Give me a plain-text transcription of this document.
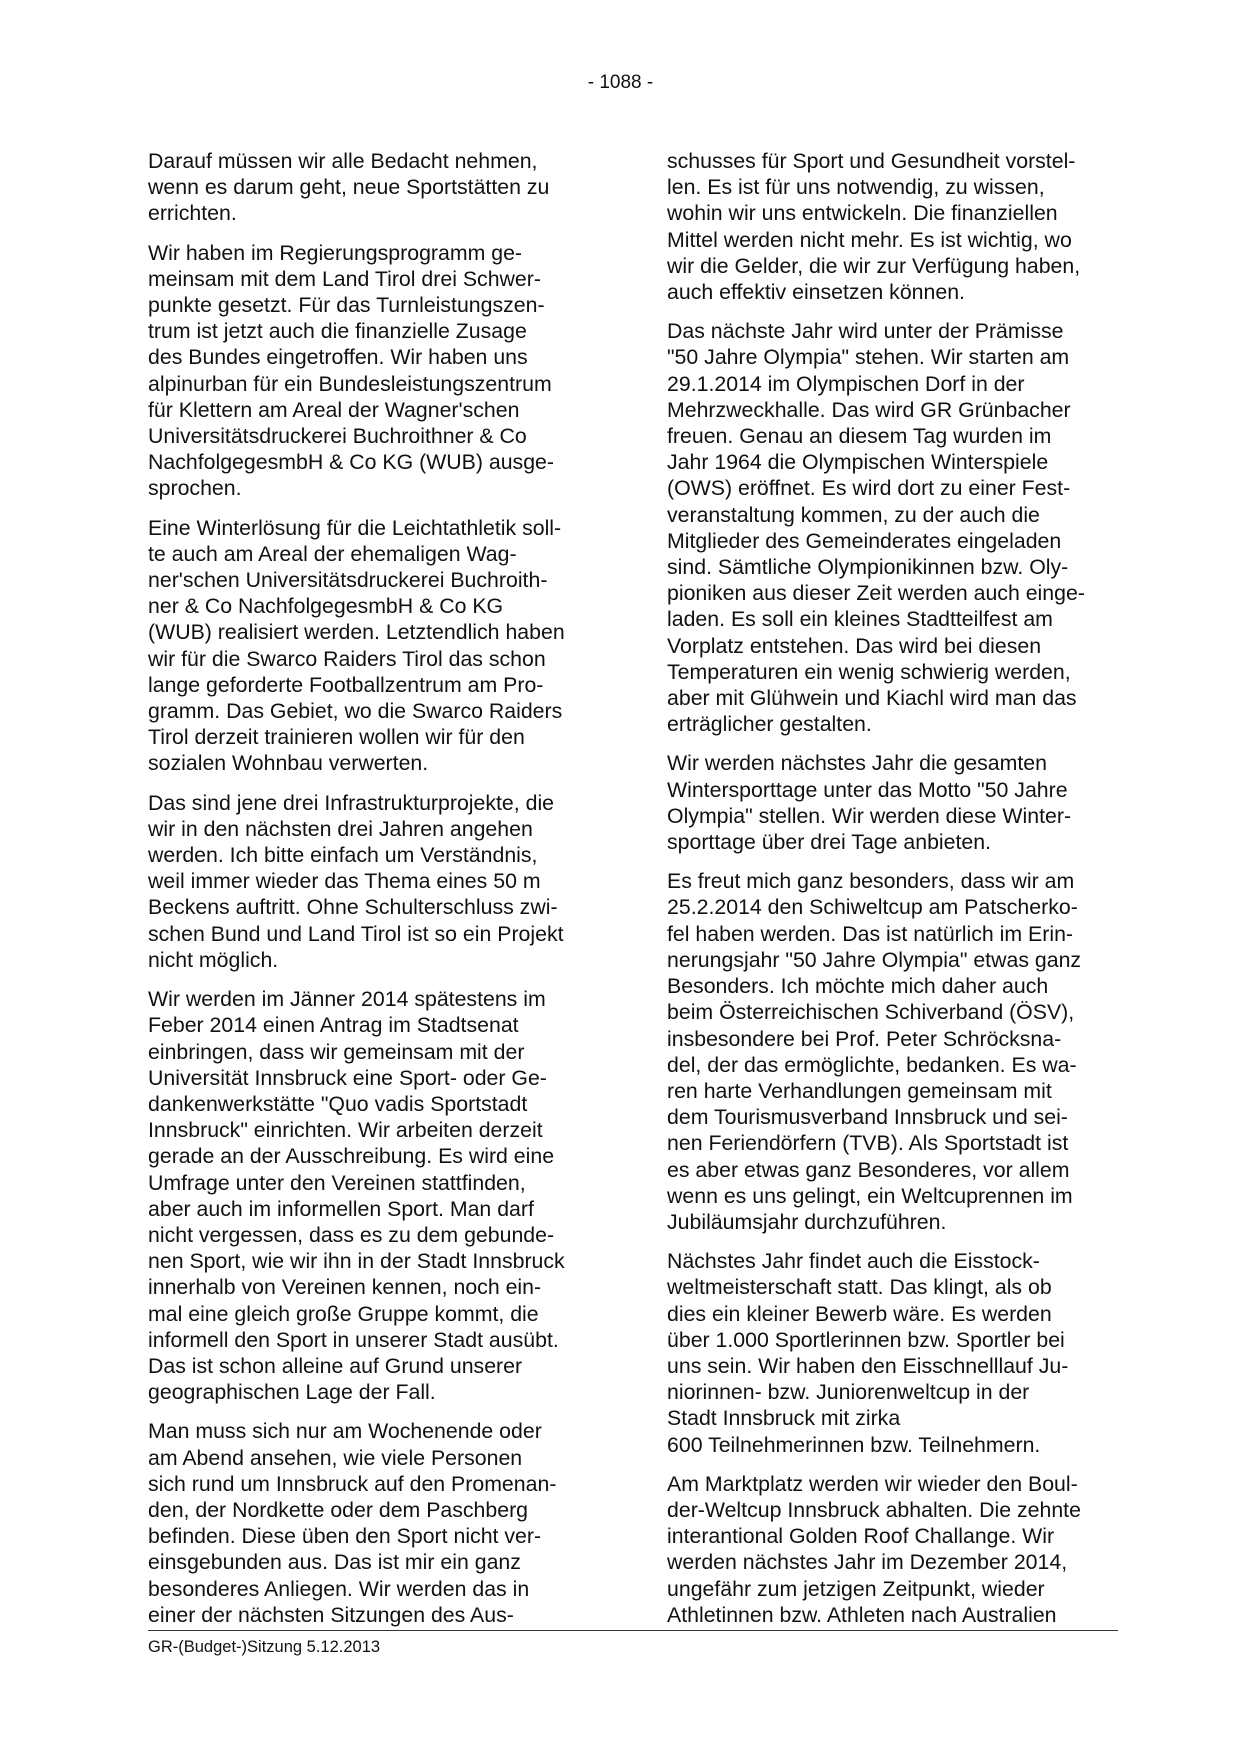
- 1088 -

Darauf müssen wir alle Bedacht nehmen,
wenn es darum geht, neue Sportstätten zu
errichten.

Wir haben im Regierungsprogramm ge-
meinsam mit dem Land Tirol drei Schwer-
punkte gesetzt. Für das Turnleistungszen-
trum ist jetzt auch die finanzielle Zusage
des Bundes eingetroffen. Wir haben uns
alpinurban für ein Bundesleistungszentrum
für Klettern am Areal der Wagner'schen
Universitätsdruckerei Buchroithner & Co
NachfolgegesmbH & Co KG (WUB) ausge-
sprochen.

Eine Winterlösung für die Leichtathletik soll-
te auch am Areal der ehemaligen Wag-
ner'schen Universitätsdruckerei Buchroith-
ner & Co NachfolgegesmbH & Co KG
(WUB) realisiert werden. Letztendlich haben
wir für die Swarco Raiders Tirol das schon
lange geforderte Footballzentrum am Pro-
gramm. Das Gebiet, wo die Swarco Raiders
Tirol derzeit trainieren wollen wir für den
sozialen Wohnbau verwerten.

Das sind jene drei Infrastrukturprojekte, die
wir in den nächsten drei Jahren angehen
werden. Ich bitte einfach um Verständnis,
weil immer wieder das Thema eines 50 m
Beckens auftritt. Ohne Schulterschluss zwi-
schen Bund und Land Tirol ist so ein Projekt
nicht möglich.

Wir werden im Jänner 2014 spätestens im
Feber 2014 einen Antrag im Stadtsenat
einbringen, dass wir gemeinsam mit der
Universität Innsbruck eine Sport- oder Ge-
dankenwerkstätte "Quo vadis Sportstadt
Innsbruck" einrichten. Wir arbeiten derzeit
gerade an der Ausschreibung. Es wird eine
Umfrage unter den Vereinen stattfinden,
aber auch im informellen Sport. Man darf
nicht vergessen, dass es zu dem gebunde-
nen Sport, wie wir ihn in der Stadt Innsbruck
innerhalb von Vereinen kennen, noch ein-
mal eine gleich große Gruppe kommt, die
informell den Sport in unserer Stadt ausübt.
Das ist schon alleine auf Grund unserer
geographischen Lage der Fall.

Man muss sich nur am Wochenende oder
am Abend ansehen, wie viele Personen
sich rund um Innsbruck auf den Promenan-
den, der Nordkette oder dem Paschberg
befinden. Diese üben den Sport nicht ver-
einsgebunden aus. Das ist mir ein ganz
besonderes Anliegen. Wir werden das in
einer der nächsten Sitzungen des Aus-

schusses für Sport und Gesundheit vorstel-
len. Es ist für uns notwendig, zu wissen,
wohin wir uns entwickeln. Die finanziellen
Mittel werden nicht mehr. Es ist wichtig, wo
wir die Gelder, die wir zur Verfügung haben,
auch effektiv einsetzen können.

Das nächste Jahr wird unter der Prämisse
"50 Jahre Olympia" stehen. Wir starten am
29.1.2014 im Olympischen Dorf in der
Mehrzweckhalle. Das wird GR Grünbacher
freuen. Genau an diesem Tag wurden im
Jahr 1964 die Olympischen Winterspiele
(OWS) eröffnet. Es wird dort zu einer Fest-
veranstaltung kommen, zu der auch die
Mitglieder des Gemeinderates eingeladen
sind. Sämtliche Olympionikinnen bzw. Oly-
pioniken aus dieser Zeit werden auch einge-
laden. Es soll ein kleines Stadtteilfest am
Vorplatz entstehen. Das wird bei diesen
Temperaturen ein wenig schwierig werden,
aber mit Glühwein und Kiachl wird man das
erträglicher gestalten.

Wir werden nächstes Jahr die gesamten
Wintersporttage unter das Motto "50 Jahre
Olympia" stellen. Wir werden diese Winter-
sporttage über drei Tage anbieten.

Es freut mich ganz besonders, dass wir am
25.2.2014 den Schiweltcup am Patscherko-
fel haben werden. Das ist natürlich im Erin-
nerungsjahr "50 Jahre Olympia" etwas ganz
Besonders. Ich möchte mich daher auch
beim Österreichischen Schiverband (ÖSV),
insbesondere bei Prof. Peter Schröcksna-
del, der das ermöglichte, bedanken. Es wa-
ren harte Verhandlungen gemeinsam mit
dem Tourismusverband Innsbruck und sei-
nen Feriendörfern (TVB). Als Sportstadt ist
es aber etwas ganz Besonderes, vor allem
wenn es uns gelingt, ein Weltcuprennen im
Jubiläumsjahr durchzuführen.

Nächstes Jahr findet auch die Eisstock-
weltmeisterschaft statt. Das klingt, als ob
dies ein kleiner Bewerb wäre. Es werden
über 1.000 Sportlerinnen bzw. Sportler bei
uns sein. Wir haben den Eisschnelllauf Ju-
niorinnen- bzw. Juniorenweltcup in der
Stadt Innsbruck mit zirka
600 Teilnehmerinnen bzw. Teilnehmern.

Am Marktplatz werden wir wieder den Boul-
der-Weltcup Innsbruck abhalten. Die zehnte
interantional Golden Roof Challange. Wir
werden nächstes Jahr im Dezember 2014,
ungefähr zum jetzigen Zeitpunkt, wieder
Athletinnen bzw. Athleten nach Australien

GR-(Budget-)Sitzung 5.12.2013
